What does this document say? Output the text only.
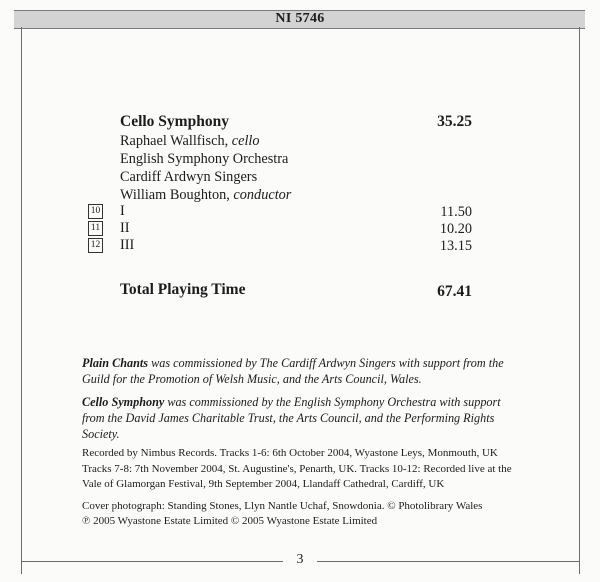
NI 5746
Cello Symphony	35.25
Raphael Wallfisch, cello
English Symphony Orchestra
Cardiff Ardwyn Singers
William Boughton, conductor
10 I	11.50
11 II	10.20
12 III	13.15
Total Playing Time	67.41
Plain Chants was commissioned by The Cardiff Ardwyn Singers with support from the Guild for the Promotion of Welsh Music, and the Arts Council, Wales.
Cello Symphony was commissioned by the English Symphony Orchestra with support from the David James Charitable Trust, the Arts Council, and the Performing Rights Society.
Recorded by Nimbus Records. Tracks 1-6: 6th October 2004, Wyastone Leys, Monmouth, UK Tracks 7-8: 7th November 2004, St. Augustine's, Penarth, UK. Tracks 10-12: Recorded live at the Vale of Glamorgan Festival, 9th September 2004, Llandaff Cathedral, Cardiff, UK
Cover photograph: Standing Stones, Llyn Nantle Uchaf, Snowdonia. © Photolibrary Wales
℗ 2005 Wyastone Estate Limited © 2005 Wyastone Estate Limited
3
